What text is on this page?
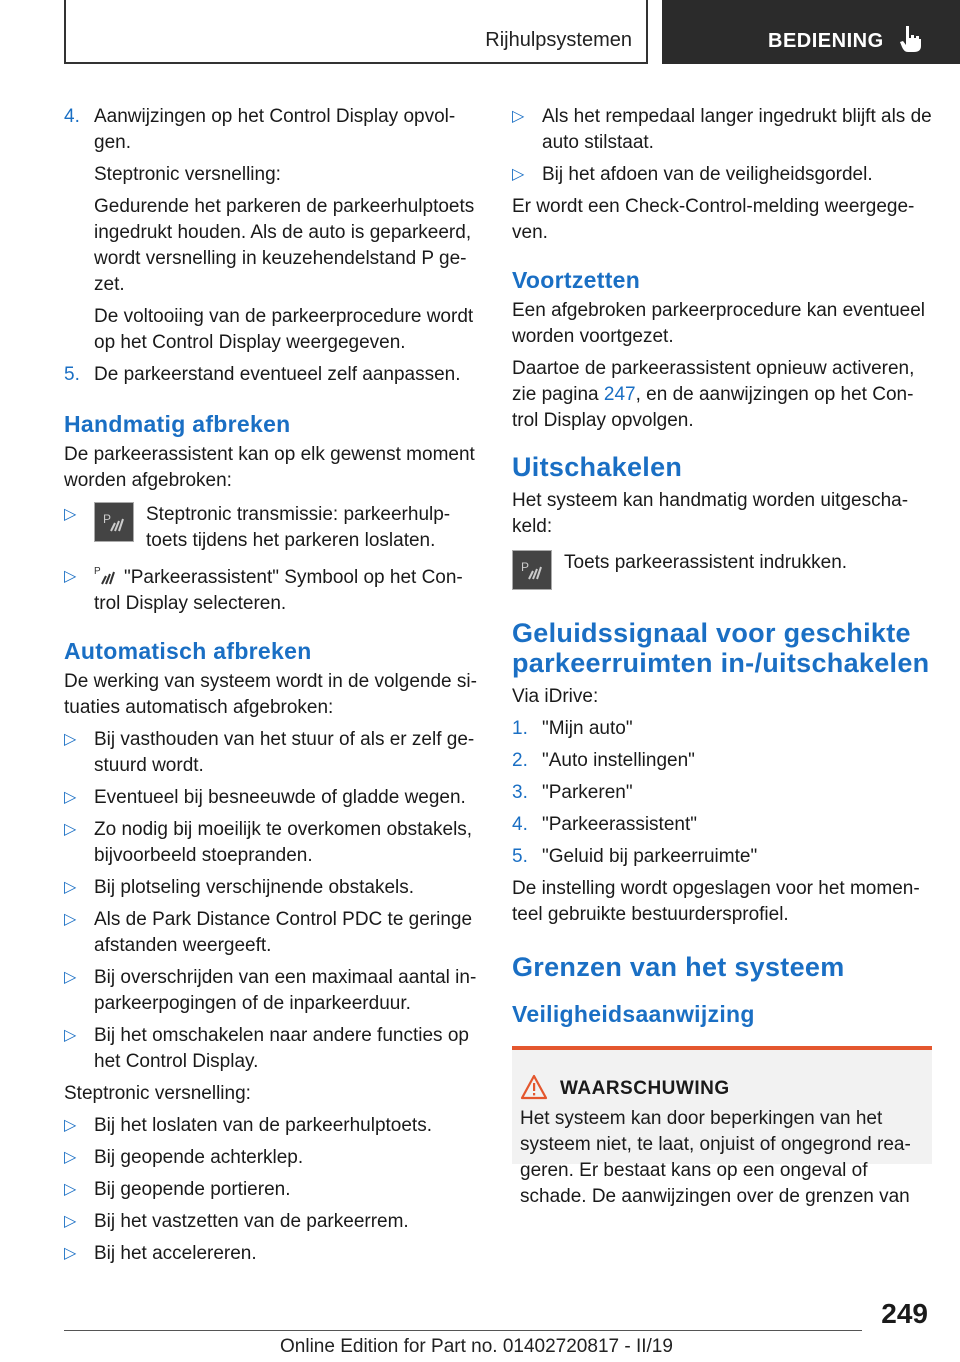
Rijhulpsystemen	BEDIENING
4. Aanwijzingen op het Control Display opvol-gen.

Steptronic versnelling:

Gedurende het parkeren de parkeerhulptoets ingedrukt houden. Als de auto is geparkeerd, wordt versnelling in keuzehendelstand P ge-zet.

De voltooiing van de parkeerprocedure wordt op het Control Display weergegeven.

5. De parkeerstand eventueel zelf aanpassen.
Handmatig afbreken

De parkeerassistent kan op elk gewenst moment worden afgebroken:

▷ P Steptronic transmissie: parkeerhulp-toets tijdens het parkeren loslaten.
▷ P "Parkeerassistent" Symbool op het Con-trol Display selecteren.
Automatisch afbreken

De werking van systeem wordt in de volgende si-tuaties automatisch afgebroken:

▷ Bij vasthouden van het stuur of als er zelf ge-stuurd wordt.
▷ Eventueel bij besneeuwde of gladde wegen.
▷ Zo nodig bij moeilijk te overkomen obstakels, bijvoorbeeld stoepranden.
▷ Bij plotseling verschijnende obstakels.
▷ Als de Park Distance Control PDC te geringe afstanden weergeeft.
▷ Bij overschrijden van een maximaal aantal in-parkeerpogingen of de inparkeerduur.
▷ Bij het omschakelen naar andere functies op het Control Display.

Steptronic versnelling:

▷ Bij het loslaten van de parkeerhulptoets.
▷ Bij geopende achterklep.
▷ Bij geopende portieren.
▷ Bij het vastzetten van de parkeerrem.
▷ Bij het accelereren.
▷ Als het rempedaal langer ingedrukt blijft als de auto stilstaat.
▷ Bij het afdoen van de veiligheidsgordel.

Er wordt een Check-Control-melding weergege-ven.

Voortzetten

Een afgebroken parkeerprocedure kan eventueel worden voortgezet.

Daartoe de parkeerassistent opnieuw activeren, zie pagina 247, en de aanwijzingen op het Con-trol Display opvolgen.

Uitschakelen

Het systeem kan handmatig worden uitgescha-keld:

P Toets parkeerassistent indrukken.
Geluidssignaal voor geschikte parkeerruimten in-/uitschakelen

Via iDrive:

1. "Mijn auto"
2. "Auto instellingen"
3. "Parkeren"
4. "Parkeerassistent"
5. "Geluid bij parkeerruimte"

De instelling wordt opgeslagen voor het momen-teel gebruikte bestuurdersprofiel.

Grenzen van het systeem
Veiligheidsaanwijzing
WAARSCHUWING
Het systeem kan door beperkingen van het systeem niet, te laat, onjuist of ongegrond rea-geren. Er bestaat kans op een ongeval of schade. De aanwijzingen over de grenzen van
249
Online Edition for Part no. 01402720817 - II/19
